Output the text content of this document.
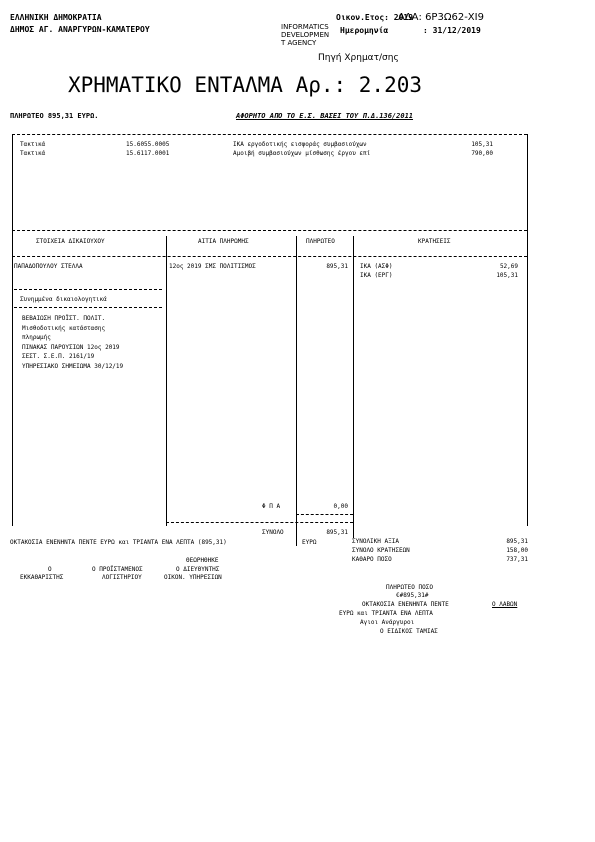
ΕΛΛΗΝΙΚΗ ΔΗΜΟΚΡΑΤΙΑ
ΔΗΜΟΣ ΑΓ. ΑΝΑΡΓΥΡΩΝ-ΚΑΜΑΤΕΡΟΥ
Οικον.Ετος: 2019
ΑΔΑ: 6Ρ3Ω62-ΧΙ9
INFORMATICS
DEVELOPMEN
T AGENCY
Ημερομηνία	: 31/12/2019
Πηγή Χρηματ/σης
ΧΡΗΜΑΤΙΚΟ ΕΝΤΑΛΜΑ Αρ.: 2.203
ΠΛΗΡΩΤΕΟ 895,31 ΕΥΡΩ.	ΑΦΟΡΗΤΟ ΑΠΟ ΤΟ Ε.Σ. ΒΑΣΕΙ ΤΟΥ Π.Δ.136/2011
Τακτικά	15.6055.0005	ΙΚΑ εργοδοτικής εισφοράς συμβασιούχων	105,31
Τακτικά	15.6117.0001	Αμοιβή συμβασιούχων μίσθωσης έργου επί	790,00
ΣΤΟΙΧΕΙΑ ΔΙΚΑΙΟΥΧΟΥ	ΑΙΤΙΑ ΠΛΗΡΩΜΗΣ	ΠΛΗΡΩΤΕΟ	ΚΡΑΤΗΣΕΙΣ
ΠΑΠΑΔΟΠΟΥΛΟΥ ΣΤΕΛΛΑ	12ος 2019 ΣΜΣ ΠΟΛΙΤΙΣΜΟΣ	895,31 ΙΚΑ (ΑΣΦ)	52,69
ΙΚΑ (ΕΡΓ)	105,31
Συνημμένα δικαιολογητικά
ΒΕΒΑΙΩΣΗ ΠΡΟΪΣΤ. ΠΟΛΙΤ.
Μισθοδοτικής κατάστασης
πληρωμής
ΠΙΝΑΚΑΣ ΠΑΡΟΥΣΙΩΝ 12ος 2019
ΣΕΣΤ. Σ.Ε.Π. 2161/19
ΥΠΗΡΕΣΙΑΚΟ ΣΗΜΕΙΩΜΑ 30/12/19
Φ Π Α	0,00
ΣΥΝΟΛΟ	895,31
ΟΚΤΑΚΟΣΙΑ ΕΝΕΝΗΝΤΑ ΠΕΝΤΕ ΕΥΡΩ και ΤΡΙΑΝΤΑ ΕΝΑ ΛΕΠΤΑ (895,31)	ΕΥΡΩ	ΣΥΝΟΛΙΚΗ ΑΞΙΑ	895,31
ΣΥΝΟΛΟ ΚΡΑΤΗΣΕΩΝ	158,00
ΚΑΘΑΡΟ ΠΟΣΟ	737,31
ΘΕΩΡΗΘΗΚΕ
Ο	Ο ΠΡΟΪΣΤΑΜΕΝΟΣ	Ο ΔΙΕΥΘΥΝΤΗΣ
ΕΚΚΑΘΑΡΙΣΤΗΣ	ΛΟΓΙΣΤΗΡΙΟΥ	ΟΙΚΟΝ. ΥΠΗΡΕΣΙΩΝ
ΠΛΗΡΩΤΕΟ ΠΟΣΟ
€#895,31#
ΟΚΤΑΚΟΣΙΑ ΕΝΕΝΗΝΤΑ ΠΕΝΤΕ	Ο ΛΑΒΩΝ
ΕΥΡΩ και ΤΡΙΑΝΤΑ ΕΝΑ ΛΕΠΤΑ
Αγιοι Ανάργυροι
Ο ΕΙΔΙΚΟΣ ΤΑΜΙΑΣ
